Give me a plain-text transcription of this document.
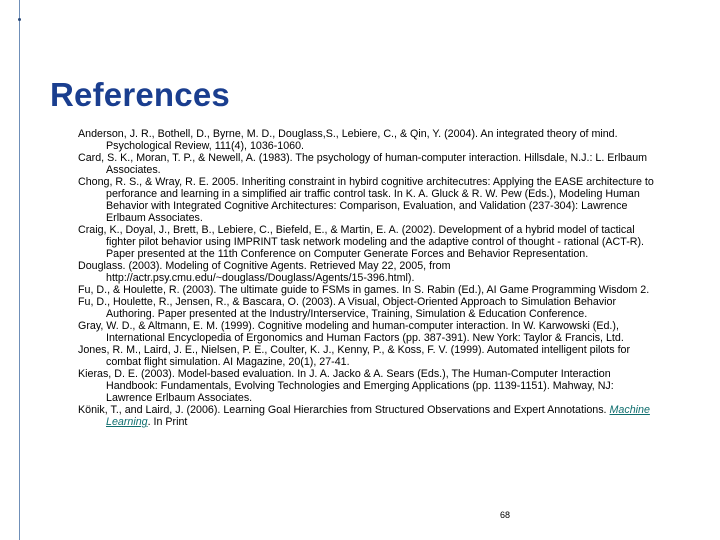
References
Anderson, J. R., Bothell, D., Byrne, M. D., Douglass,S., Lebiere, C., & Qin, Y. (2004). An integrated theory of mind. Psychological Review, 111(4), 1036-1060.
Card, S. K., Moran, T. P., & Newell, A. (1983). The psychology of human-computer interaction. Hillsdale, N.J.: L. Erlbaum Associates.
Chong, R. S., & Wray, R. E. 2005. Inheriting constraint in hybird cognitive architecutres: Applying the EASE architecture to perforance and learning in a simplified air traffic control task. In K. A. Gluck & R. W. Pew (Eds.), Modeling Human Behavior with Integrated Cognitive Architectures: Comparison, Evaluation, and Validation (237-304): Lawrence Erlbaum Associates.
Craig, K., Doyal, J., Brett, B., Lebiere, C., Biefeld, E., & Martin, E. A. (2002). Development of a hybrid model of tactical fighter pilot behavior using IMPRINT task network modeling and the adaptive control of thought - rational (ACT-R). Paper presented at the 11th Conference on Computer Generate Forces and Behavior Representation.
Douglass. (2003). Modeling of Cognitive Agents. Retrieved May 22, 2005, from http://actr.psy.cmu.edu/~douglass/Douglass/Agents/15-396.html).
Fu, D., & Houlette, R. (2003). The ultimate guide to FSMs in games. In S. Rabin (Ed.), AI Game Programming Wisdom 2.
Fu, D., Houlette, R., Jensen, R., & Bascara, O. (2003). A Visual, Object-Oriented Approach to Simulation Behavior Authoring. Paper presented at the Industry/Interservice, Training, Simulation & Education Conference.
Gray, W. D., & Altmann, E. M. (1999). Cognitive modeling and human-computer interaction. In W. Karwowski (Ed.), International Encyclopedia of Ergonomics and Human Factors (pp. 387-391). New York: Taylor & Francis, Ltd.
Jones, R. M., Laird, J. E., Nielsen, P. E., Coulter, K. J., Kenny, P., & Koss, F. V. (1999). Automated intelligent pilots for combat flight simulation. AI Magazine, 20(1), 27-41.
Kieras, D. E. (2003). Model-based evaluation. In J. A. Jacko & A. Sears (Eds.), The Human-Computer Interaction Handbook: Fundamentals, Evolving Technologies and Emerging Applications (pp. 1139-1151). Mahway, NJ: Lawrence Erlbaum Associates.
Könik, T., and Laird, J. (2006). Learning Goal Hierarchies from Structured Observations and Expert Annotations. Machine Learning. In Print
68
